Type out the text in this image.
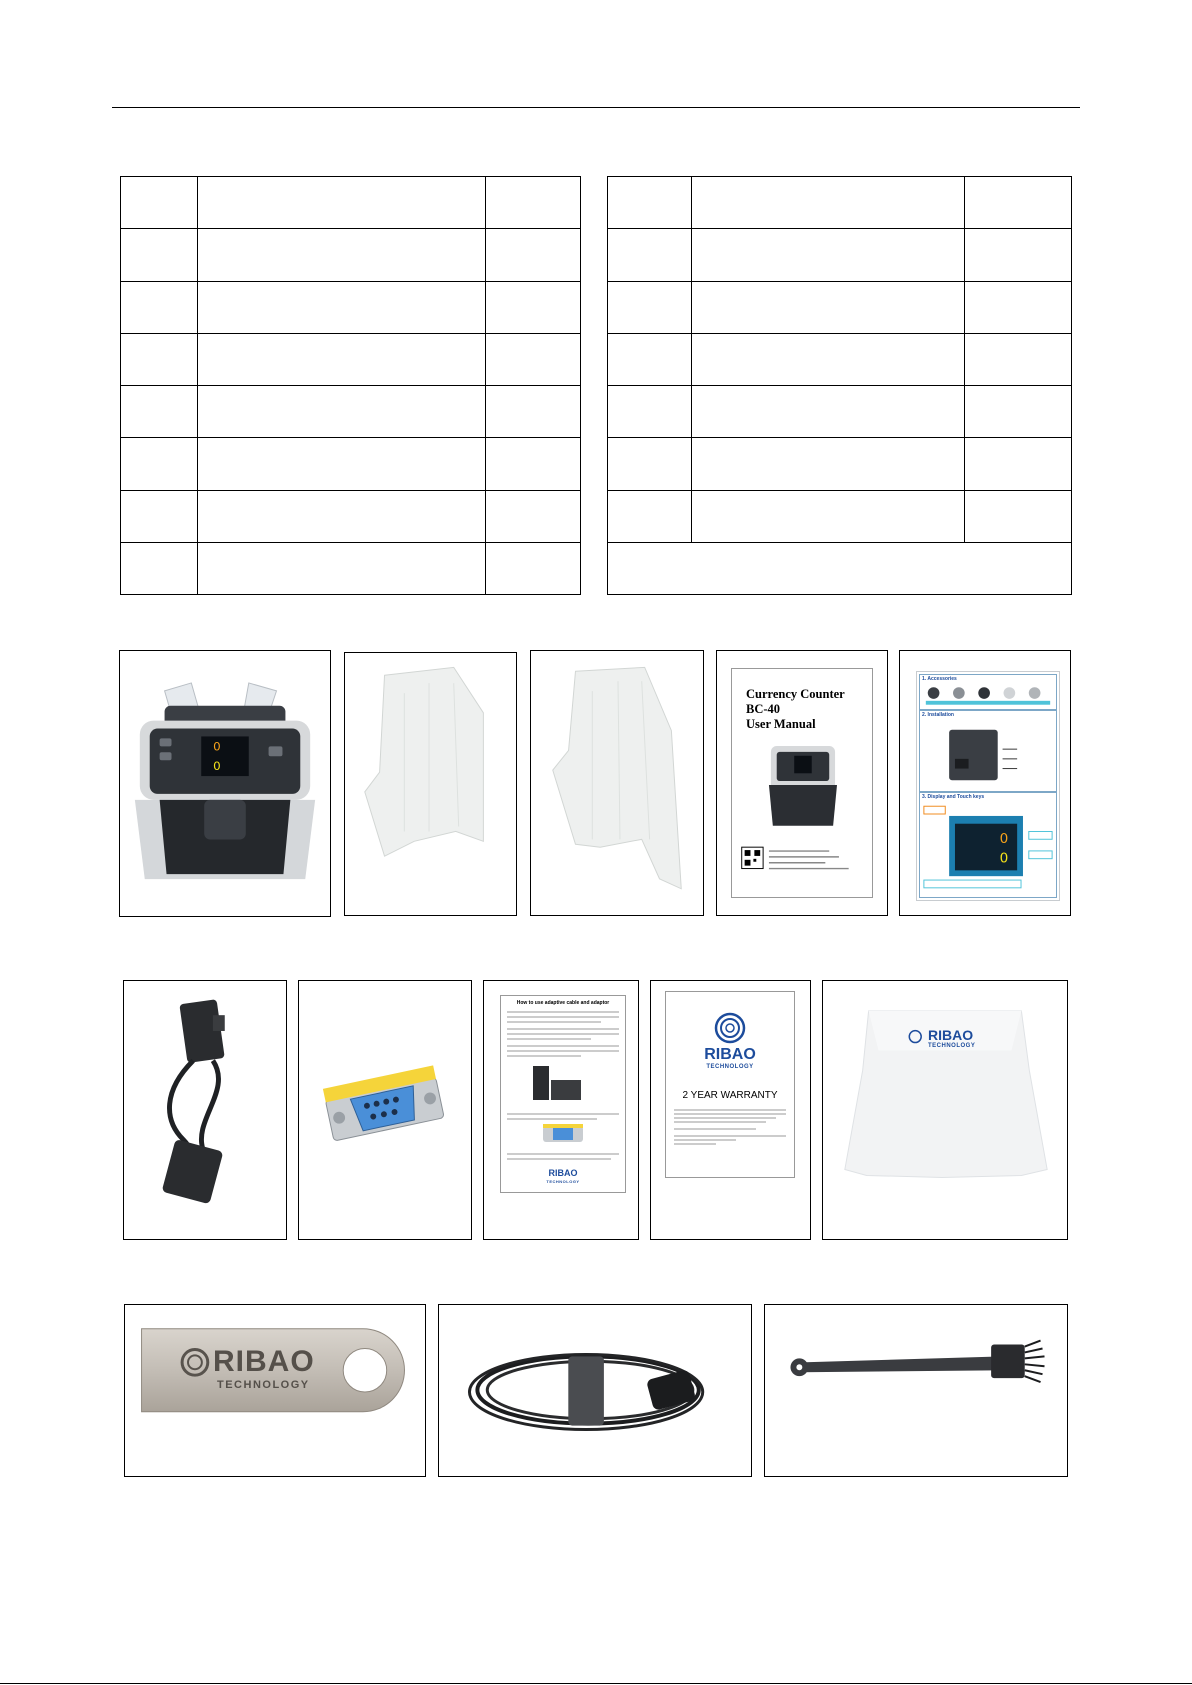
0
0
Currency Counter
BC-40
User Manual
1. Accessories
2. Installation
3. Display and Touch keys
0
0
How to use adaptive cable and adaptor
RIBAO
TECHNOLOGY
RIBAO
TECHNOLOGY
2 YEAR WARRANTY
RIBAO
TECHNOLOGY
RIBAO
TECHNOLOGY
